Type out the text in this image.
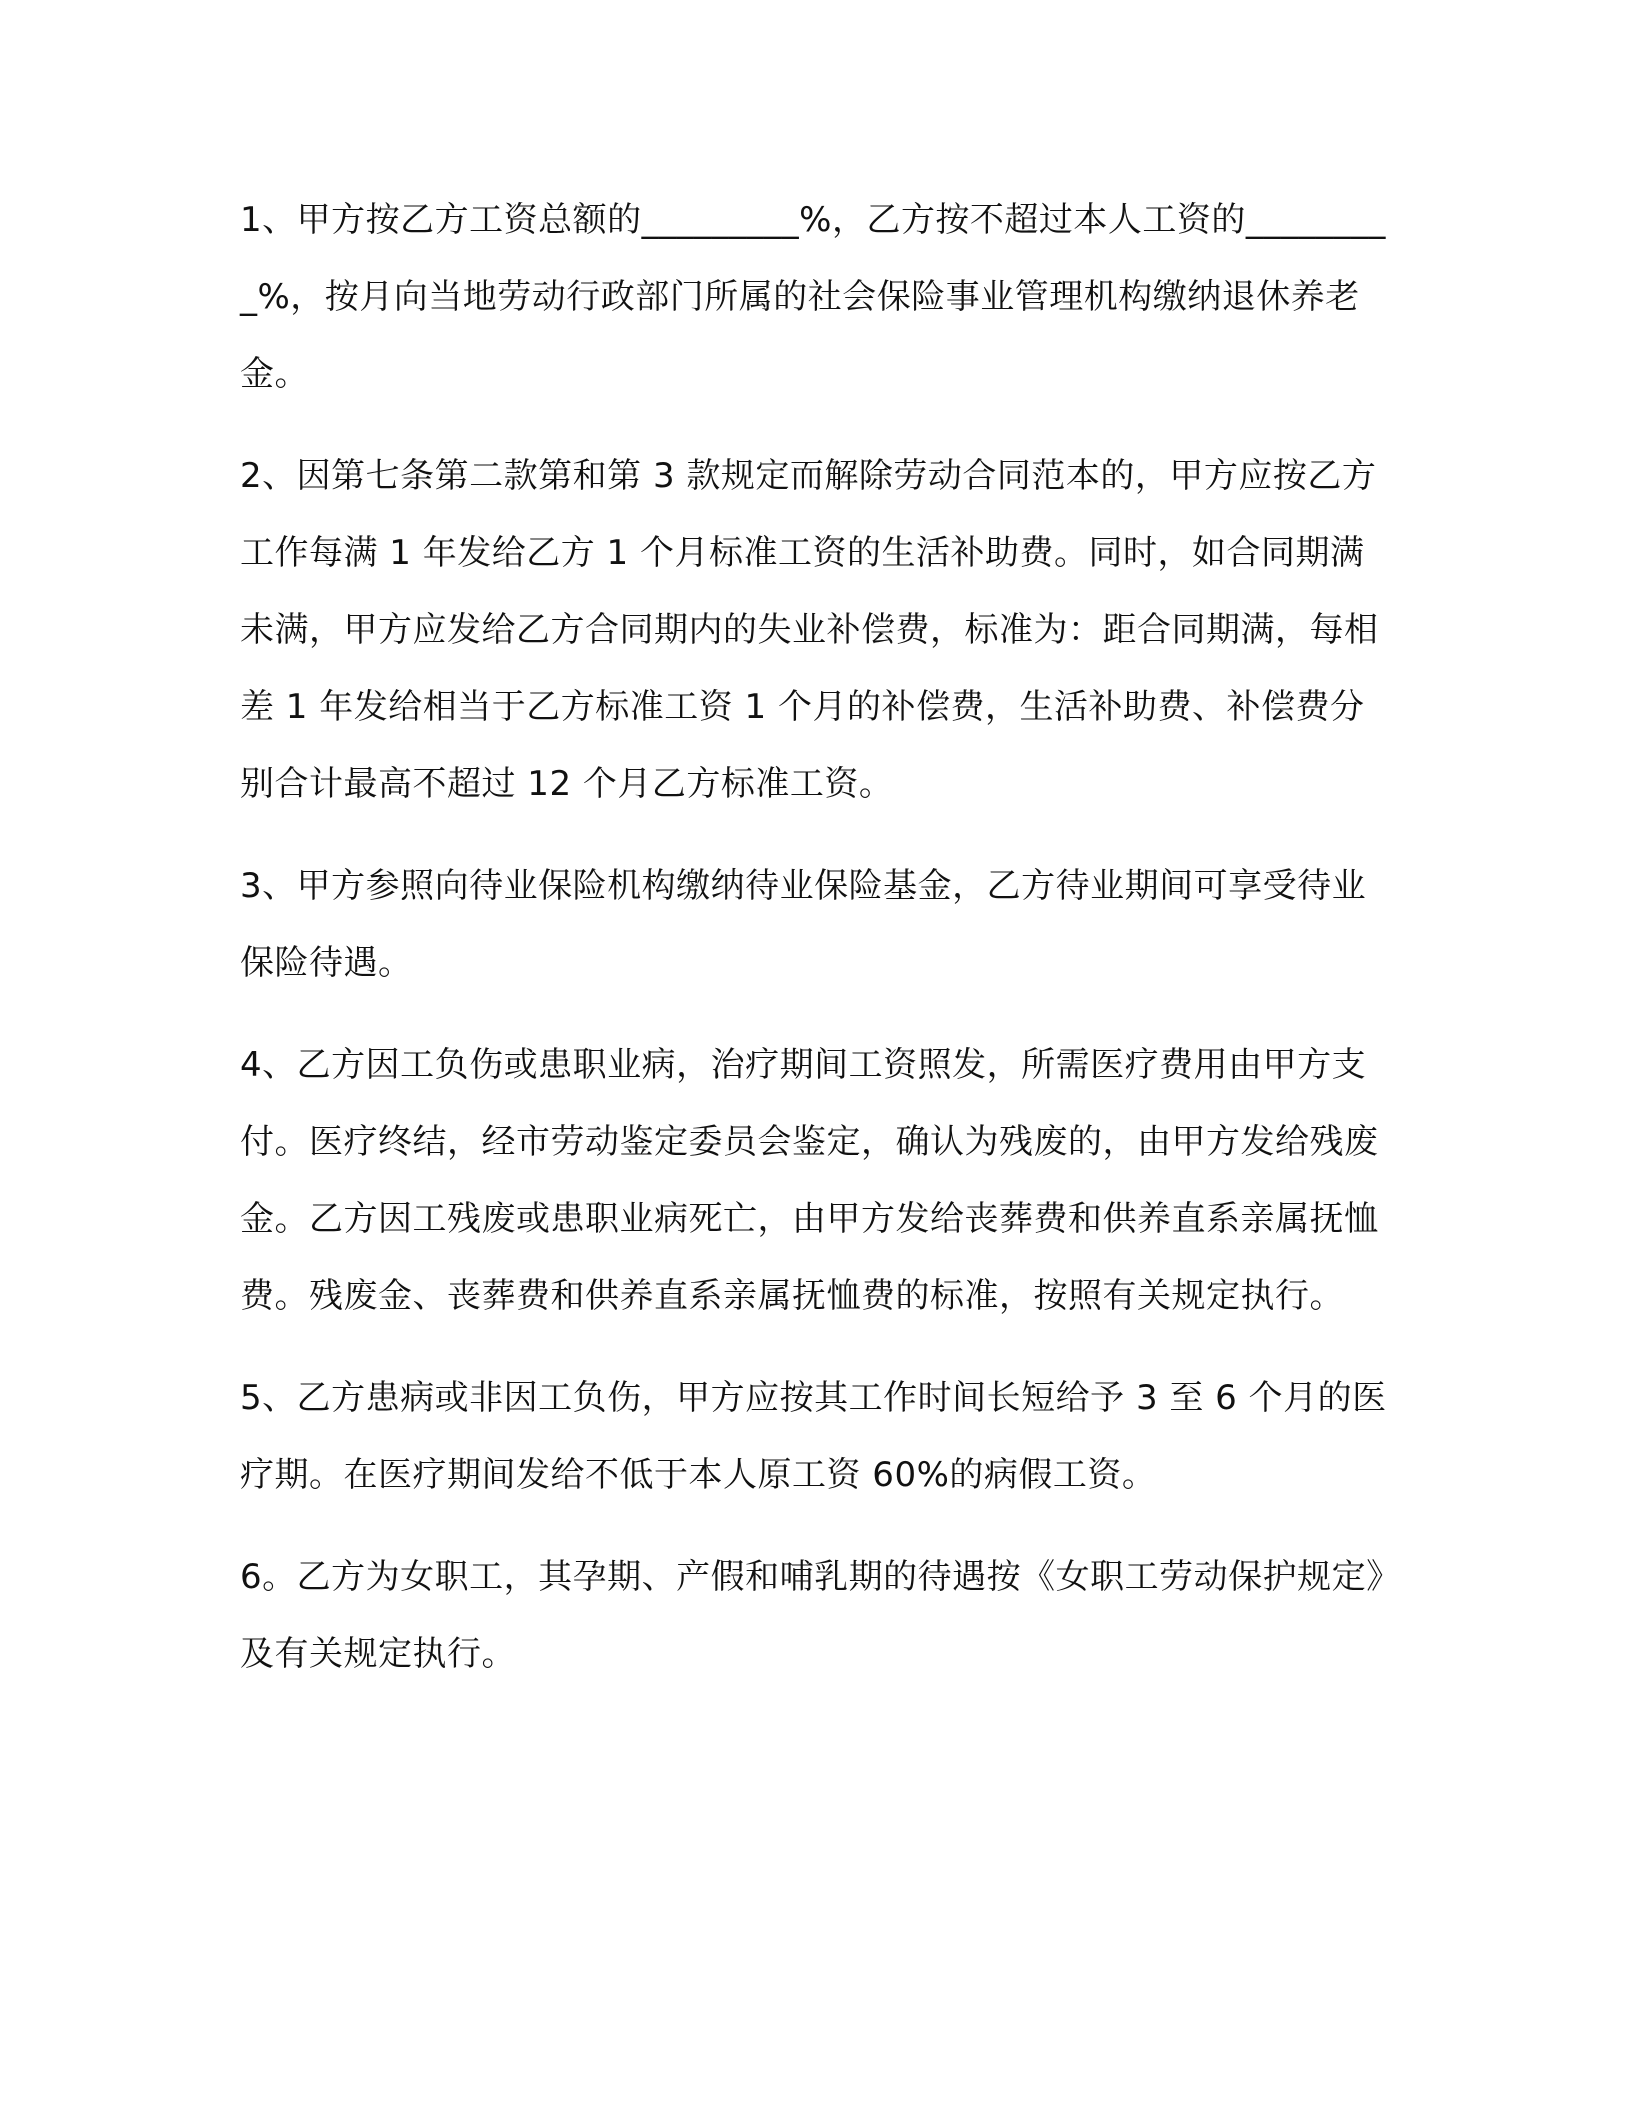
1、甲方按乙方工资总额的_________%，乙方按不超过本人工资的_________%，按月向当地劳动行政部门所属的社会保险事业管理机构缴纳退休养老金。

2、因第七条第二款第和第 3 款规定而解除劳动合同范本的，甲方应按乙方工作每满 1 年发给乙方 1 个月标准工资的生活补助费。同时，如合同期满未满，甲方应发给乙方合同期内的失业补偿费，标准为：距合同期满，每相差 1 年发给相当于乙方标准工资 1 个月的补偿费，生活补助费、补偿费分别合计最高不超过 12 个月乙方标准工资。

3、甲方参照向待业保险机构缴纳待业保险基金，乙方待业期间可享受待业保险待遇。

4、乙方因工负伤或患职业病，治疗期间工资照发，所需医疗费用由甲方支付。医疗终结，经市劳动鉴定委员会鉴定，确认为残废的，由甲方发给残废金。乙方因工残废或患职业病死亡，由甲方发给丧葬费和供养直系亲属抚恤费。残废金、丧葬费和供养直系亲属抚恤费的标准，按照有关规定执行。

5、乙方患病或非因工负伤，甲方应按其工作时间长短给予 3 至 6 个月的医疗期。在医疗期间发给不低于本人原工资 60%的病假工资。

6。乙方为女职工，其孕期、产假和哺乳期的待遇按《女职工劳动保护规定》及有关规定执行。
